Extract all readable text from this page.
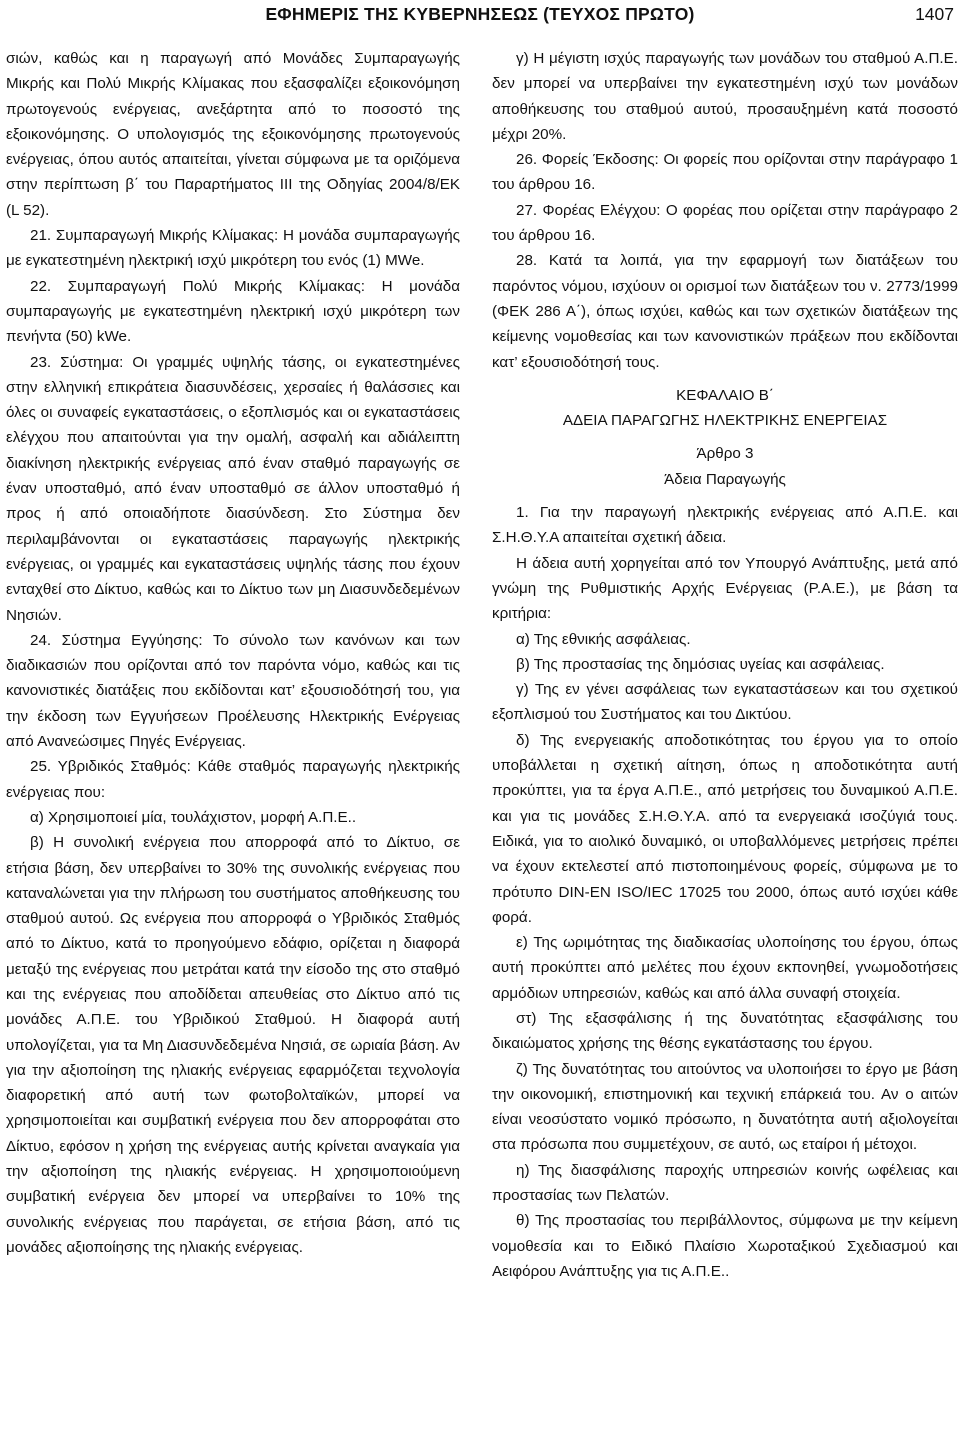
ΕΦΗΜΕΡΙΣ ΤΗΣ ΚΥΒΕΡΝΗΣΕΩΣ (ΤΕΥΧΟΣ ΠΡΩΤΟ)	1407

σιών, καθώς και η παραγωγή από Μονάδες Συμπαραγωγής Μικρής και Πολύ Μικρής Κλίμακας που εξασφαλίζει εξοικονόμηση πρωτογενούς ενέργειας, ανεξάρτητα από το ποσοστό της εξοικονόμησης. Ο υπολογισμός της εξοικονόμησης πρωτογενούς ενέργειας, όπου αυτός απαιτείται, γίνεται σύμφωνα με τα οριζόμενα στην περίπτωση β΄ του Παραρτήματος III της Οδηγίας 2004/8/ΕΚ (L 52).

21. Συμπαραγωγή Μικρής Κλίμακας: Η μονάδα συμπαραγωγής με εγκατεστημένη ηλεκτρική ισχύ μικρότερη του ενός (1) MWe.

22. Συμπαραγωγή Πολύ Μικρής Κλίμακας: Η μονάδα συμπαραγωγής με εγκατεστημένη ηλεκτρική ισχύ μικρότερη των πενήντα (50) kWe.

23. Σύστημα: Οι γραμμές υψηλής τάσης, οι εγκατεστημένες στην ελληνική επικράτεια διασυνδέσεις, χερσαίες ή θαλάσσιες και όλες οι συναφείς εγκαταστάσεις, ο εξοπλισμός και οι εγκαταστάσεις ελέγχου που απαιτούνται για την ομαλή, ασφαλή και αδιάλειπτη διακίνηση ηλεκτρικής ενέργειας από έναν σταθμό παραγωγής σε έναν υποσταθμό, από έναν υποσταθμό σε άλλον υποσταθμό ή προς ή από οποιαδήποτε διασύνδεση. Στο Σύστημα δεν περιλαμβάνονται οι εγκαταστάσεις παραγωγής ηλεκτρικής ενέργειας, οι γραμμές και εγκαταστάσεις υψηλής τάσης που έχουν ενταχθεί στο Δίκτυο, καθώς και το Δίκτυο των μη Διασυνδεδεμένων Νησιών.

24. Σύστημα Εγγύησης: Το σύνολο των κανόνων και των διαδικασιών που ορίζονται από τον παρόντα νόμο, καθώς και τις κανονιστικές διατάξεις που εκδίδονται κατ’ εξουσιοδότησή του, για την έκδοση των Εγγυήσεων Προέλευσης Ηλεκτρικής Ενέργειας από Ανανεώσιμες Πηγές Ενέργειας.

25. Υβριδικός Σταθμός: Κάθε σταθμός παραγωγής ηλεκτρικής ενέργειας που:

α) Χρησιμοποιεί μία, τουλάχιστον, μορφή Α.Π.Ε..

β) Η συνολική ενέργεια που απορροφά από το Δίκτυο, σε ετήσια βάση, δεν υπερβαίνει το 30% της συνολικής ενέργειας που καταναλώνεται για την πλήρωση του συστήματος αποθήκευσης του σταθμού αυτού. Ως ενέργεια που απορροφά ο Υβριδικός Σταθμός από το Δίκτυο, κατά το προηγούμενο εδάφιο, ορίζεται η διαφορά μεταξύ της ενέργειας που μετράται κατά την είσοδο της στο σταθμό και της ενέργειας που αποδίδεται απευθείας στο Δίκτυο από τις μονάδες Α.Π.Ε. του Υβριδικού Σταθμού. Η διαφορά αυτή υπολογίζεται, για τα Μη Διασυνδεδεμένα Νησιά, σε ωριαία βάση. Αν για την αξιοποίηση της ηλιακής ενέργειας εφαρμόζεται τεχνολογία διαφορετική από αυτή των φωτοβολταϊκών, μπορεί να χρησιμοποιείται και συμβατική ενέργεια που δεν απορροφάται στο Δίκτυο, εφόσον η χρήση της ενέργειας αυτής κρίνεται αναγκαία για την αξιοποίηση της ηλιακής ενέργειας. Η χρησιμοποιούμενη συμβατική ενέργεια δεν μπορεί να υπερβαίνει το 10% της συνολικής ενέργειας που παράγεται, σε ετήσια βάση, από τις μονάδες αξιοποίησης της ηλιακής ενέργειας.

γ) Η μέγιστη ισχύς παραγωγής των μονάδων του σταθμού Α.Π.Ε. δεν μπορεί να υπερβαίνει την εγκατεστημένη ισχύ των μονάδων αποθήκευσης του σταθμού αυτού, προσαυξημένη κατά ποσοστό μέχρι 20%.

26. Φορείς Έκδοσης: Οι φορείς που ορίζονται στην παράγραφο 1 του άρθρου 16.

27. Φορέας Ελέγχου: Ο φορέας που ορίζεται στην παράγραφο 2 του άρθρου 16.

28. Κατά τα λοιπά, για την εφαρμογή των διατάξεων του παρόντος νόμου, ισχύουν οι ορισμοί των διατάξεων του ν. 2773/1999 (ΦΕΚ 286 Α΄), όπως ισχύει, καθώς και των σχετικών διατάξεων της κείμενης νομοθεσίας και των κανονιστικών πράξεων που εκδίδονται κατ’ εξουσιοδότησή τους.

ΚΕΦΑΛΑΙΟ Β΄

ΑΔΕΙΑ ΠΑΡΑΓΩΓΗΣ ΗΛΕΚΤΡΙΚΗΣ ΕΝΕΡΓΕΙΑΣ

Άρθρο 3

Άδεια Παραγωγής

1. Για την παραγωγή ηλεκτρικής ενέργειας από Α.Π.Ε. και Σ.Η.Θ.Υ.Α απαιτείται σχετική άδεια.

Η άδεια αυτή χορηγείται από τον Υπουργό Ανάπτυξης, μετά από γνώμη της Ρυθμιστικής Αρχής Ενέργειας (Ρ.Α.Ε.), με βάση τα κριτήρια:

α) Της εθνικής ασφάλειας.

β) Της προστασίας της δημόσιας υγείας και ασφάλειας.

γ) Της εν γένει ασφάλειας των εγκαταστάσεων και του σχετικού εξοπλισμού του Συστήματος και του Δικτύου.

δ) Της ενεργειακής αποδοτικότητας του έργου για το οποίο υποβάλλεται η σχετική αίτηση, όπως η αποδοτικότητα αυτή προκύπτει, για τα έργα Α.Π.Ε., από μετρήσεις του δυναμικού Α.Π.Ε. και για τις μονάδες Σ.Η.Θ.Υ.Α. από τα ενεργειακά ισοζύγιά τους. Ειδικά, για το αιολικό δυναμικό, οι υποβαλλόμενες μετρήσεις πρέπει να έχουν εκτελεστεί από πιστοποιημένους φορείς, σύμφωνα με το πρότυπο DIN-EN ISO/IEC 17025 του 2000, όπως αυτό ισχύει κάθε φορά.

ε) Της ωριμότητας της διαδικασίας υλοποίησης του έργου, όπως αυτή προκύπτει από μελέτες που έχουν εκπονηθεί, γνωμοδοτήσεις αρμόδιων υπηρεσιών, καθώς και από άλλα συναφή στοιχεία.

στ) Της εξασφάλισης ή της δυνατότητας εξασφάλισης του δικαιώματος χρήσης της θέσης εγκατάστασης του έργου.

ζ) Της δυνατότητας του αιτούντος να υλοποιήσει το έργο με βάση την οικονομική, επιστημονική και τεχνική επάρκειά του. Αν ο αιτών είναι νεοσύστατο νομικό πρόσωπο, η δυνατότητα αυτή αξιολογείται στα πρόσωπα που συμμετέχουν, σε αυτό, ως εταίροι ή μέτοχοι.

η) Της διασφάλισης παροχής υπηρεσιών κοινής ωφέλειας και προστασίας των Πελατών.

θ) Της προστασίας του περιβάλλοντος, σύμφωνα με την κείμενη νομοθεσία και το Ειδικό Πλαίσιο Χωροταξικού Σχεδιασμού και Αειφόρου Ανάπτυξης για τις Α.Π.Ε..
